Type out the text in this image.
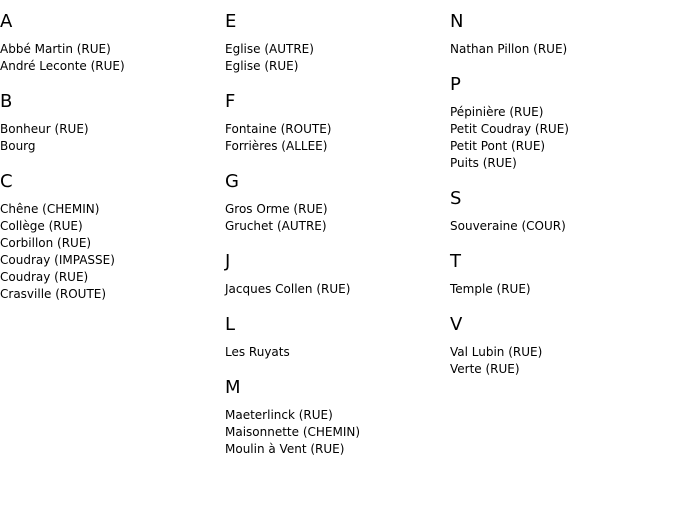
A
Abbé Martin (RUE)
André Leconte (RUE)
B
Bonheur (RUE)
Bourg
C
Chêne (CHEMIN)
Collège (RUE)
Corbillon (RUE)
Coudray (IMPASSE)
Coudray (RUE)
Crasville (ROUTE)
E
Eglise (AUTRE)
Eglise (RUE)
F
Fontaine (ROUTE)
Forrières (ALLEE)
G
Gros Orme (RUE)
Gruchet (AUTRE)
J
Jacques Collen (RUE)
L
Les Ruyats
M
Maeterlinck (RUE)
Maisonnette (CHEMIN)
Moulin à Vent (RUE)
N
Nathan Pillon (RUE)
P
Pépinière (RUE)
Petit Coudray (RUE)
Petit Pont (RUE)
Puits (RUE)
S
Souveraine (COUR)
T
Temple (RUE)
V
Val Lubin (RUE)
Verte (RUE)
